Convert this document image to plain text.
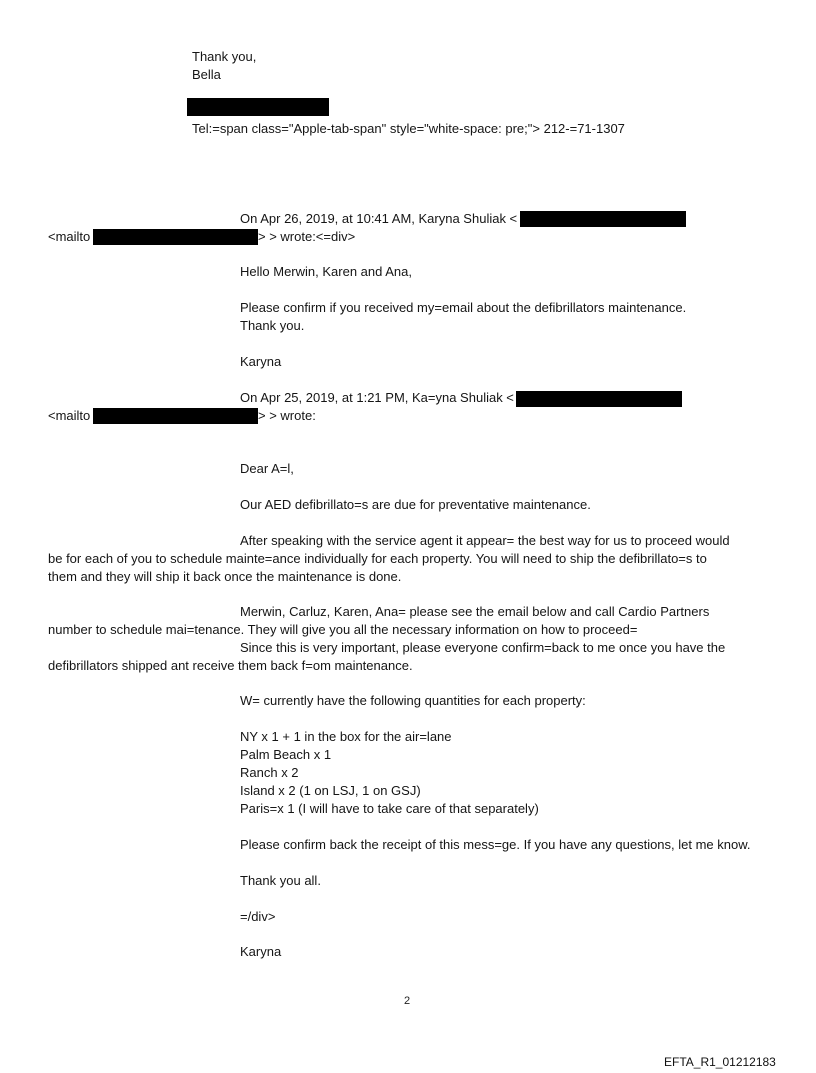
Thank you,
Bella
Tel:=span class="Apple-tab-span" style="white-space: pre;"> 212-=71-1307
On Apr 26, 2019, at 10:41 AM, Karyna Shuliak <
<mailto	> > wrote:<=div>
Hello Merwin, Karen and Ana,
Please confirm if you received my=email about the defibrillators maintenance.
Thank you.
Karyna
On Apr 25, 2019, at 1:21 PM, Ka=yna Shuliak <
<mailto	> > wrote:
Dear A=l,
Our AED defibrillato=s are due for preventative maintenance.
After speaking with the service agent it appear= the best way for us to proceed would
be for each of you to schedule mainte=ance individually for each property. You will need to ship the defibrillato=s to
them and they will ship it back once the maintenance is done.
Merwin, Carluz, Karen, Ana= please see the email below and call Cardio Partners
number to schedule mai=tenance. They will give you all the necessary information on how to proceed=
Since this is very important, please everyone confirm=back to me once you have the
defibrillators shipped ant receive them back f=om maintenance.
W= currently have the following quantities for each property:
NY x 1 + 1 in the box for the air=lane
Palm Beach x 1
Ranch x 2
Island x 2 (1 on LSJ, 1 on GSJ)
Paris=x 1 (I will have to take care of that separately)
Please confirm back the receipt of this mess=ge. If you have any questions, let me know.
Thank you all.
=/div>
Karyna
2
EFTA_R1_01212183
